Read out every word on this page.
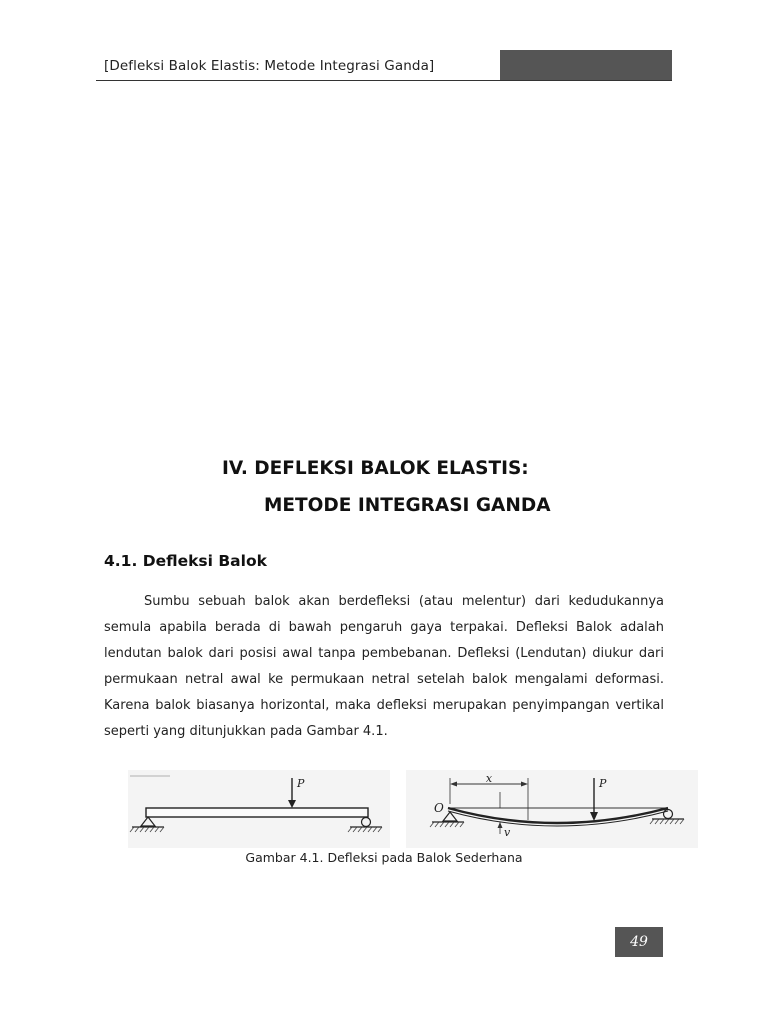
[Defleksi Balok Elastis: Metode Integrasi Ganda]
IV. DEFLEKSI BALOK ELASTIS:
METODE INTEGRASI GANDA
4.1. Defleksi Balok
Sumbu sebuah balok akan berdefleksi (atau melentur) dari kedudukannya semula apabila berada di bawah pengaruh gaya terpakai. Defleksi Balok adalah lendutan balok dari posisi awal tanpa pembebanan. Defleksi (Lendutan) diukur dari permukaan netral awal ke permukaan netral setelah balok mengalami deformasi. Karena balok biasanya horizontal, maka defleksi merupakan penyimpangan vertikal seperti yang ditunjukkan pada Gambar 4.1.
P	x
v
P
O
Gambar 4.1. Defleksi pada Balok Sederhana
49
